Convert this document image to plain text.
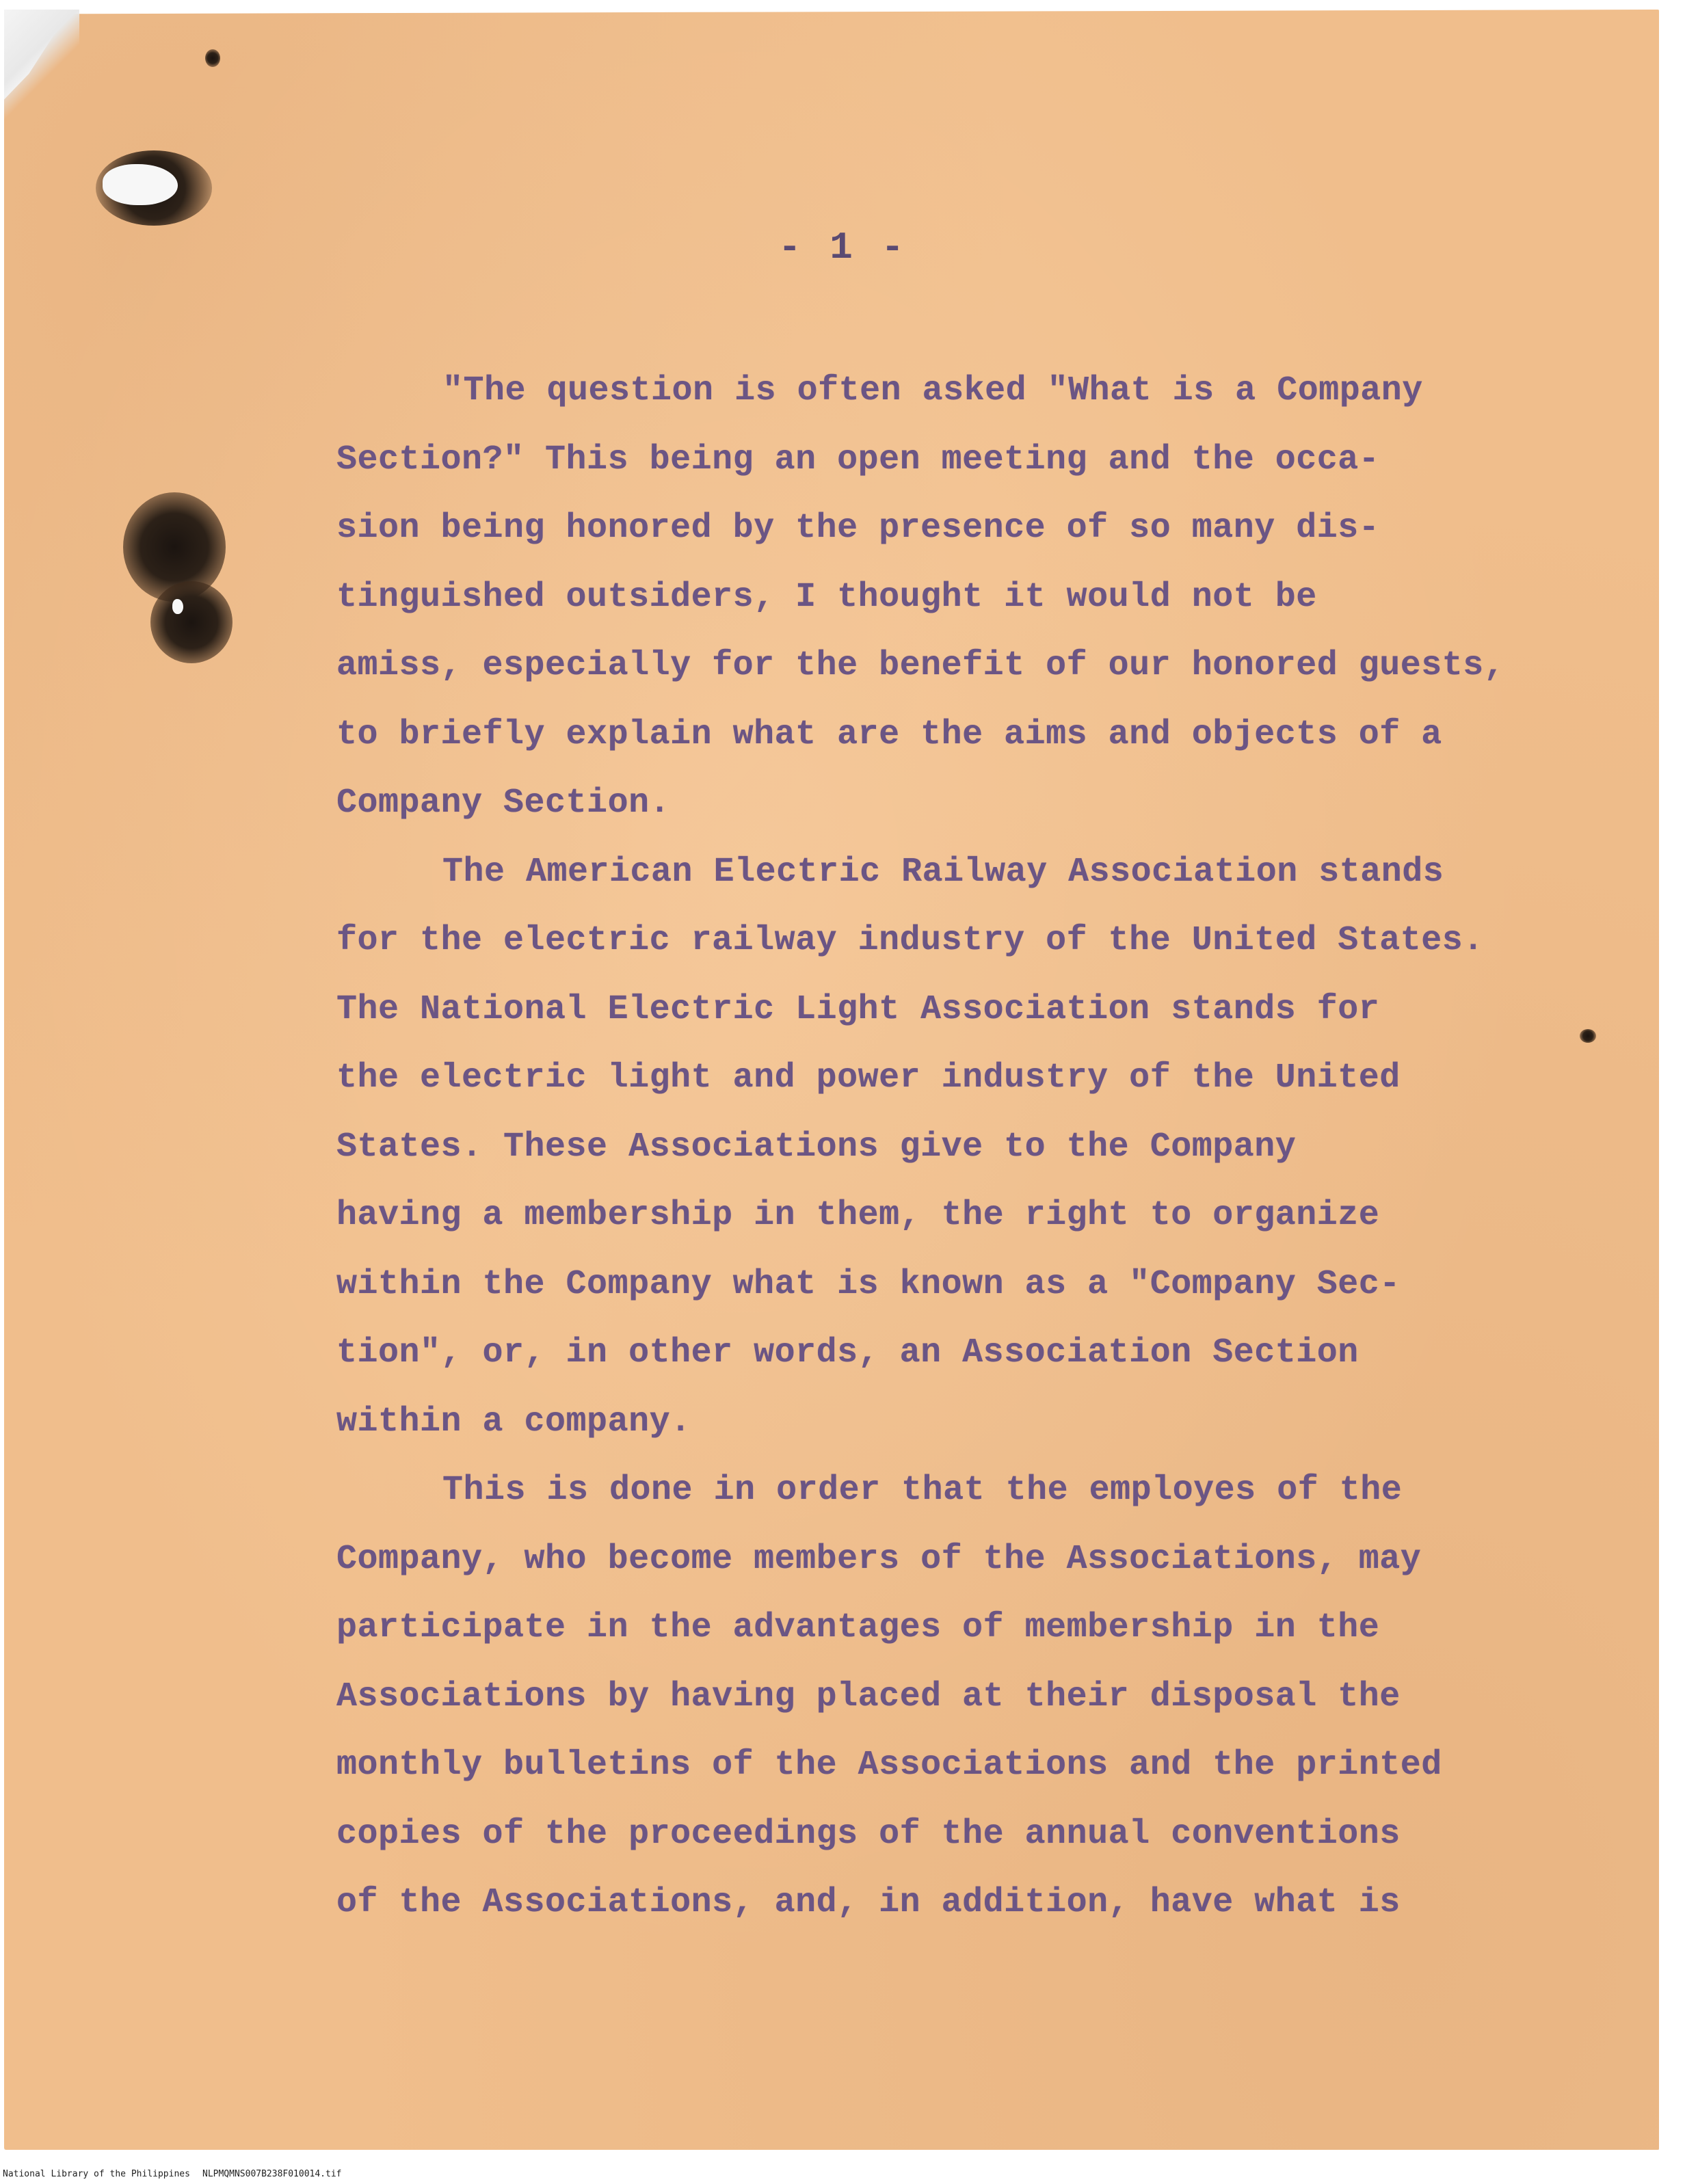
- 1 -

"The question is often asked "What is a Company
Section?" This being an open meeting and the occa-
sion being honored by the presence of so many dis-
tinguished outsiders, I thought it would not be
amiss, especially for the benefit of our honored guests,
to briefly explain what are the aims and objects of a
Company Section.

The American Electric Railway Association stands
for the electric railway industry of the United States.
The National Electric Light Association stands for
the electric light and power industry of the United
States. These Associations give to the Company
having a membership in them, the right to organize
within the Company what is known as a "Company Sec-
tion", or, in other words, an Association Section
within a company.

This is done in order that the employes of the
Company, who become members of the Associations, may
participate in the advantages of membership in the
Associations by having placed at their disposal the
monthly bulletins of the Associations and the printed
copies of the proceedings of the annual conventions
of the Associations, and, in addition, have what is

National Library of the Philippines NLPMQMNS007B238F010014.tif
